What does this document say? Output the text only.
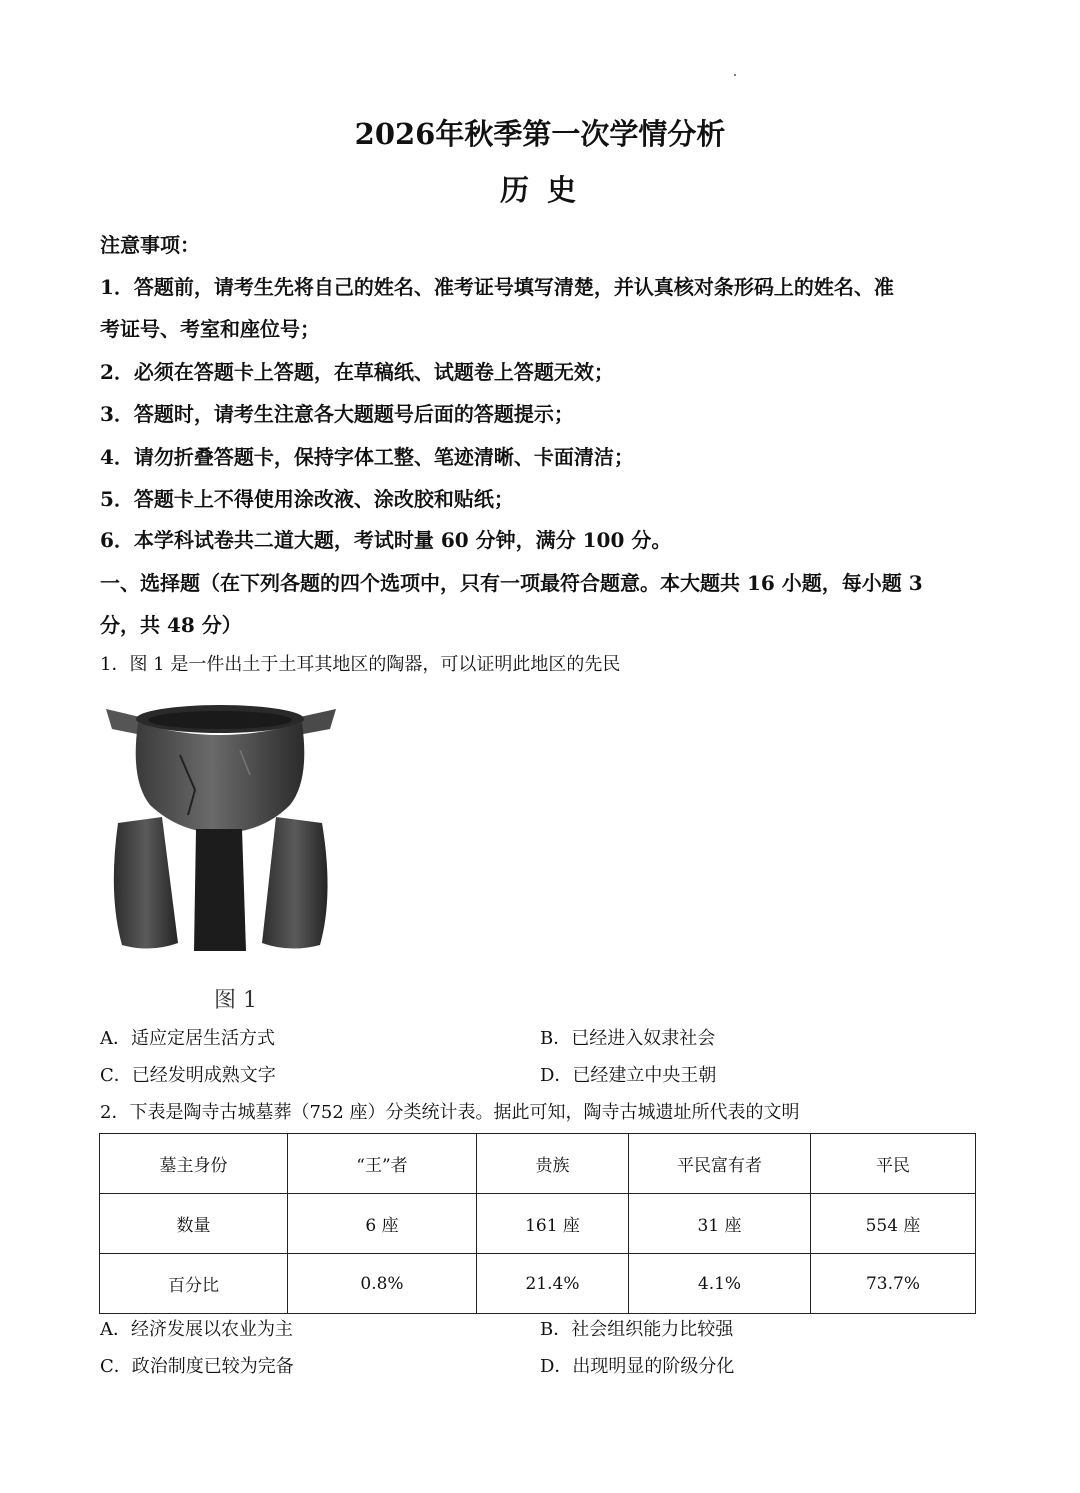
2026年秋季第一次学情分析
历 史
注意事项：
1．答题前，请考生先将自己的姓名、准考证号填写清楚，并认真核对条形码上的姓名、准
考证号、考室和座位号；
2．必须在答题卡上答题，在草稿纸、试题卷上答题无效；
3．答题时，请考生注意各大题题号后面的答题提示；
4．请勿折叠答题卡，保持字体工整、笔迹清晰、卡面清洁；
5．答题卡上不得使用涂改液、涂改胶和贴纸；
6．本学科试卷共二道大题，考试时量 60 分钟，满分 100 分。
一、选择题（在下列各题的四个选项中，只有一项最符合题意。本大题共 16 小题，每小题 3
分，共 48 分）
1．图 1 是一件出土于土耳其地区的陶器，可以证明此地区的先民
图 1
A．适应定居生活方式	B．已经进入奴隶社会
C．已经发明成熟文字	D．已经建立中央王朝
2．下表是陶寺古城墓葬（752 座）分类统计表。据此可知，陶寺古城遗址所代表的文明
墓主身份	“王”者	贵族	平民富有者	平民
数量	6 座	161 座	31 座	554 座
百分比	0.8%	21.4%	4.1%	73.7%
A．经济发展以农业为主	B．社会组织能力比较强
C．政治制度已较为完备	D．出现明显的阶级分化
